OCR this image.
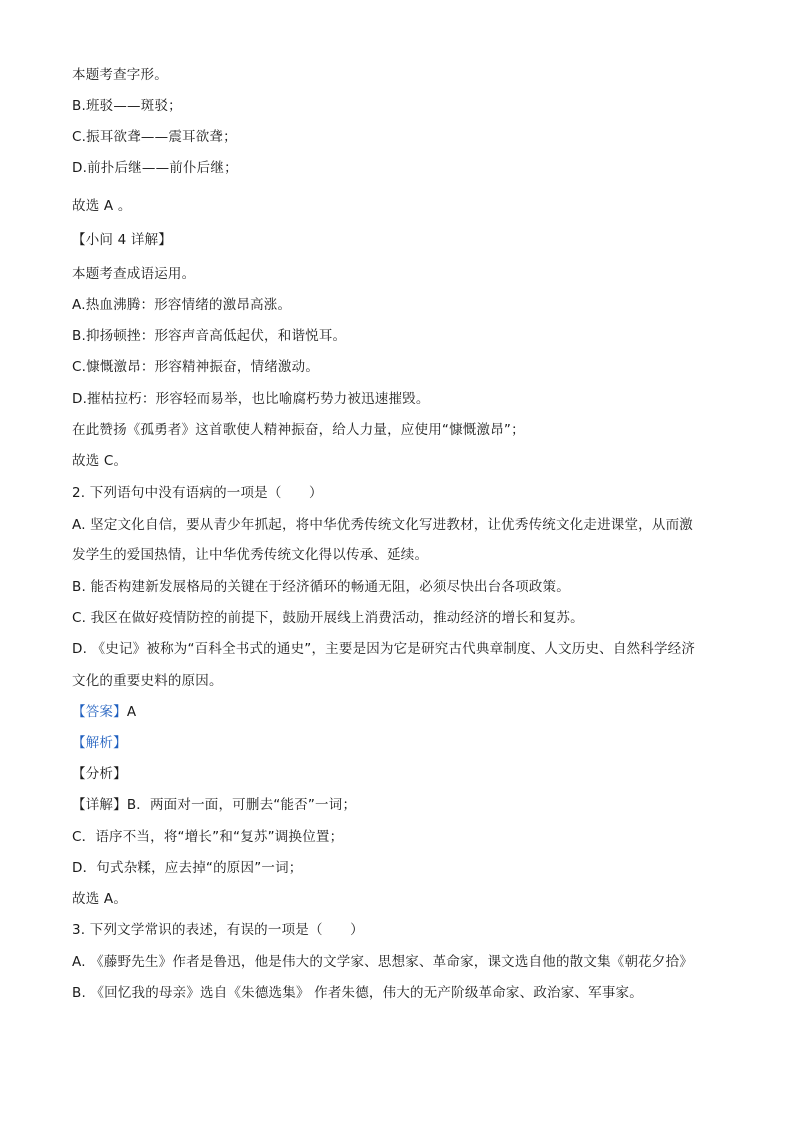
本题考查字形。
B.班驳——斑驳；
C.振耳欲聋——震耳欲聋；
D.前扑后继——前仆后继；
故选 A 。
【小问 4 详解】
本题考查成语运用。
A.热血沸腾：形容情绪的激昂高涨。
B.抑扬顿挫：形容声音高低起伏，和谐悦耳。
C.慷慨激昂：形容精神振奋，情绪激动。
D.摧枯拉朽：形容轻而易举，也比喻腐朽势力被迅速摧毁。
在此赞扬《孤勇者》这首歌使人精神振奋，给人力量，应使用“慷慨激昂”；
故选 C。
2. 下列语句中没有语病的一项是（　　）
A. 坚定文化自信，要从青少年抓起，将中华优秀传统文化写进教材，让优秀传统文化走进课堂，从而激
发学生的爱国热情，让中华优秀传统文化得以传承、延续。
B. 能否构建新发展格局的关键在于经济循环的畅通无阻，必须尽快出台各项政策。
C. 我区在做好疫情防控的前提下，鼓励开展线上消费活动，推动经济的增长和复苏。
D. 《史记》被称为“百科全书式的通史”，主要是因为它是研究古代典章制度、人文历史、自然科学经济
文化的重要史料的原因。
【答案】A
【解析】
【分析】
【详解】B．两面对一面，可删去“能否”一词；
C．语序不当，将“增长”和“复苏”调换位置；
D．句式杂糅，应去掉“的原因”一词；
故选 A。
3. 下列文学常识的表述，有误的一项是（　　）
A. 《藤野先生》作者是鲁迅，他是伟大的文学家、思想家、革命家，课文选自他的散文集《朝花夕拾》
B. 《回忆我的母亲》选自《朱德选集》 作者朱德，伟大的无产阶级革命家、政治家、军事家。
